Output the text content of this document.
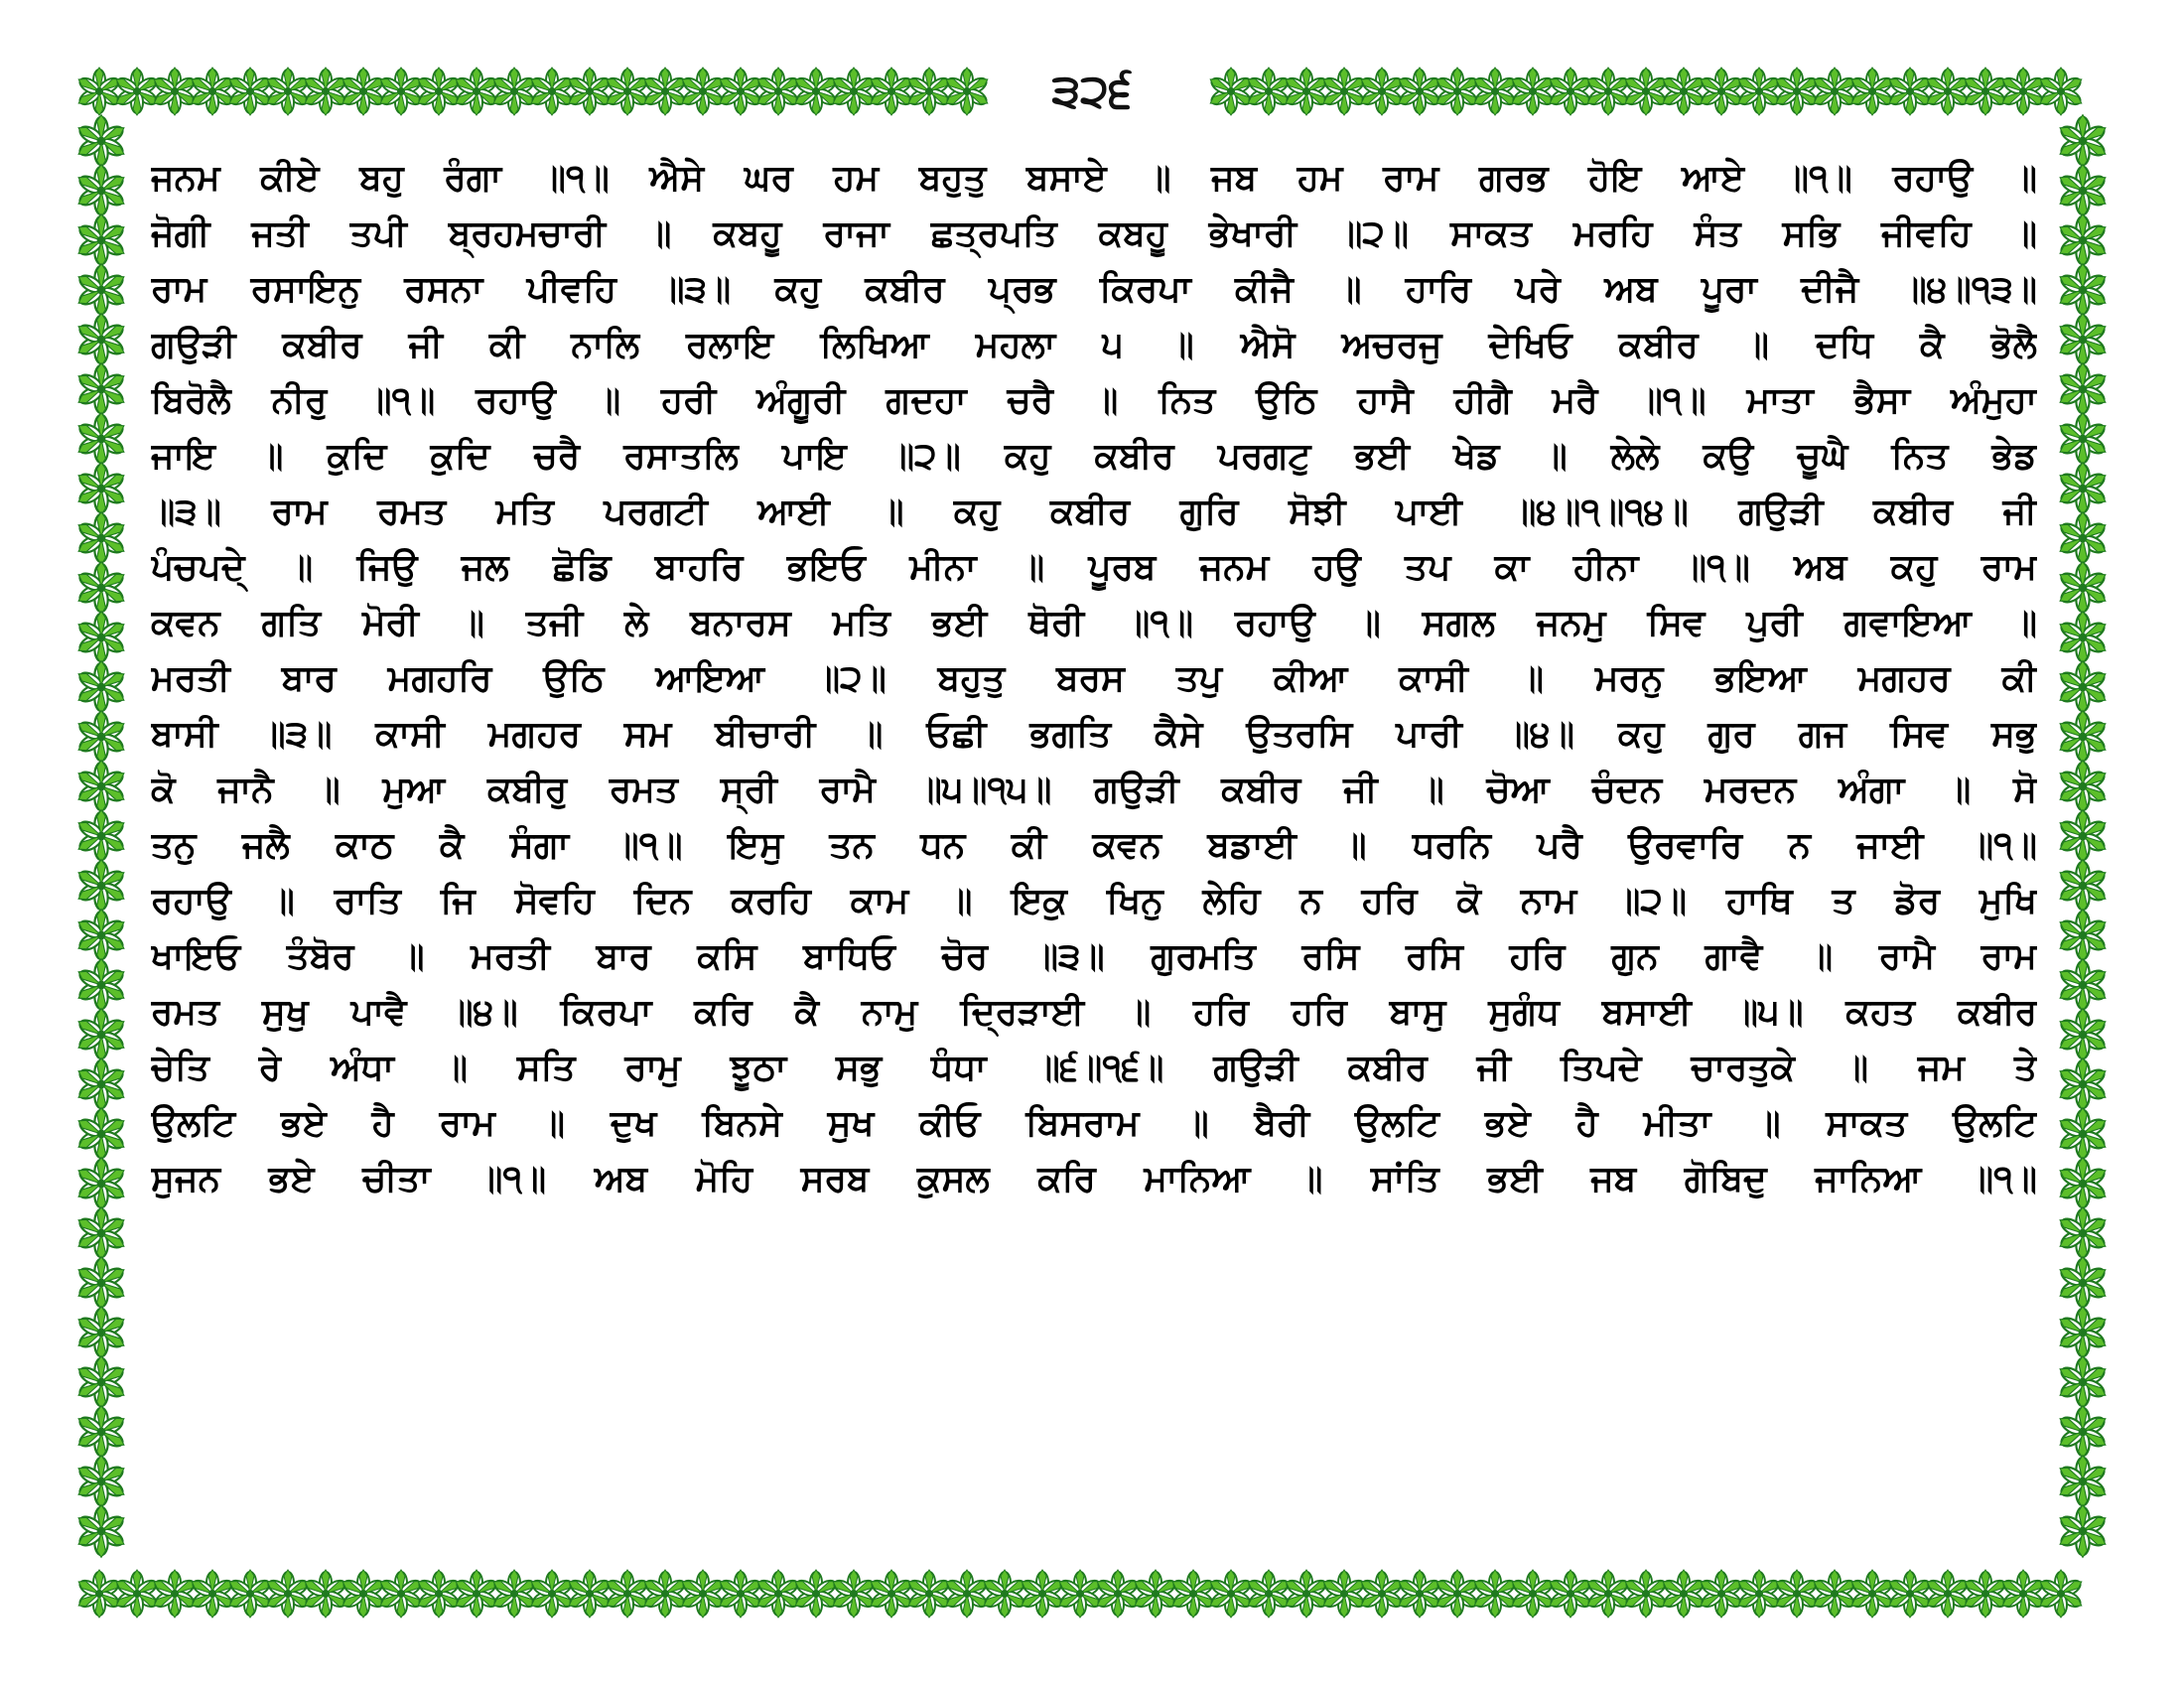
੩੨੬
ਜਨਮ ਕੀਏ ਬਹੁ ਰੰਗਾ ॥੧॥ ਐਸੇ ਘਰ ਹਮ ਬਹੁਤੁ ਬਸਾਏ ॥ ਜਬ ਹਮ ਰਾਮ ਗਰਭ ਹੋਇ ਆਏ ॥੧॥ ਰਹਾਉ ॥
ਜੋਗੀ ਜਤੀ ਤਪੀ ਬ੍ਰਹਮਚਾਰੀ ॥ ਕਬਹੂ ਰਾਜਾ ਛਤ੍ਰਪਤਿ ਕਬਹੂ ਭੇਖਾਰੀ ॥੨॥ ਸਾਕਤ ਮਰਹਿ ਸੰਤ ਸਭਿ ਜੀਵਹਿ ॥
ਰਾਮ ਰਸਾਇਨੁ ਰਸਨਾ ਪੀਵਹਿ ॥੩॥ ਕਹੁ ਕਬੀਰ ਪ੍ਰਭ ਕਿਰਪਾ ਕੀਜੈ ॥ ਹਾਰਿ ਪਰੇ ਅਬ ਪੂਰਾ ਦੀਜੈ ॥੪॥੧੩॥
ਗਉੜੀ ਕਬੀਰ ਜੀ ਕੀ ਨਾਲਿ ਰਲਾਇ ਲਿਖਿਆ ਮਹਲਾ ੫ ॥ ਐਸੋ ਅਚਰਜੁ ਦੇਖਿਓ ਕਬੀਰ ॥ ਦਧਿ ਕੈ ਭੋਲੈ
ਬਿਰੋਲੈ ਨੀਰੁ ॥੧॥ ਰਹਾਉ ॥ ਹਰੀ ਅੰਗੂਰੀ ਗਦਹਾ ਚਰੈ ॥ ਨਿਤ ਉਠਿ ਹਾਸੈ ਹੀਗੈ ਮਰੈ ॥੧॥ ਮਾਤਾ ਭੈਸਾ ਅੰਮੁਹਾ
ਜਾਇ ॥ ਕੁਦਿ ਕੁਦਿ ਚਰੈ ਰਸਾਤਲਿ ਪਾਇ ॥੨॥ ਕਹੁ ਕਬੀਰ ਪਰਗਟੁ ਭਈ ਖੇਡ ॥ ਲੇਲੇ ਕਉ ਚੂਘੈ ਨਿਤ ਭੇਡ
॥੩॥ ਰਾਮ ਰਮਤ ਮਤਿ ਪਰਗਟੀ ਆਈ ॥ ਕਹੁ ਕਬੀਰ ਗੁਰਿ ਸੋਝੀ ਪਾਈ ॥੪॥੧॥੧੪॥ ਗਉੜੀ ਕਬੀਰ ਜੀ
ਪੰਚਪਦੇ੍ ॥ ਜਿਉ ਜਲ ਛੋਡਿ ਬਾਹਰਿ ਭਇਓ ਮੀਨਾ ॥ ਪੂਰਬ ਜਨਮ ਹਉ ਤਪ ਕਾ ਹੀਨਾ ॥੧॥ ਅਬ ਕਹੁ ਰਾਮ
ਕਵਨ ਗਤਿ ਮੋਰੀ ॥ ਤਜੀ ਲੇ ਬਨਾਰਸ ਮਤਿ ਭਈ ਥੋਰੀ ॥੧॥ ਰਹਾਉ ॥ ਸਗਲ ਜਨਮੁ ਸਿਵ ਪੁਰੀ ਗਵਾਇਆ ॥
ਮਰਤੀ ਬਾਰ ਮਗਹਰਿ ਉਠਿ ਆਇਆ ॥੨॥ ਬਹੁਤੁ ਬਰਸ ਤਪੁ ਕੀਆ ਕਾਸੀ ॥ ਮਰਨੁ ਭਇਆ ਮਗਹਰ ਕੀ
ਬਾਸੀ ॥੩॥ ਕਾਸੀ ਮਗਹਰ ਸਮ ਬੀਚਾਰੀ ॥ ਓਛੀ ਭਗਤਿ ਕੈਸੇ ਉਤਰਸਿ ਪਾਰੀ ॥੪॥ ਕਹੁ ਗੁਰ ਗਜ ਸਿਵ ਸਭੁ
ਕੋ ਜਾਨੈ ॥ ਮੁਆ ਕਬੀਰੁ ਰਮਤ ਸ੍ਰੀ ਰਾਮੈ ॥੫॥੧੫॥ ਗਉੜੀ ਕਬੀਰ ਜੀ ॥ ਚੋਆ ਚੰਦਨ ਮਰਦਨ ਅੰਗਾ ॥ ਸੋ
ਤਨੁ ਜਲੈ ਕਾਠ ਕੈ ਸੰਗਾ ॥੧॥ ਇਸੁ ਤਨ ਧਨ ਕੀ ਕਵਨ ਬਡਾਈ ॥ ਧਰਨਿ ਪਰੈ ਉਰਵਾਰਿ ਨ ਜਾਈ ॥੧॥
ਰਹਾਉ ॥ ਰਾਤਿ ਜਿ ਸੋਵਹਿ ਦਿਨ ਕਰਹਿ ਕਾਮ ॥ ਇਕੁ ਖਿਨੁ ਲੇਹਿ ਨ ਹਰਿ ਕੋ ਨਾਮ ॥੨॥ ਹਾਥਿ ਤ ਡੋਰ ਮੁਖਿ
ਖਾਇਓ ਤੰਬੋਰ ॥ ਮਰਤੀ ਬਾਰ ਕਸਿ ਬਾਧਿਓ ਚੋਰ ॥੩॥ ਗੁਰਮਤਿ ਰਸਿ ਰਸਿ ਹਰਿ ਗੁਨ ਗਾਵੈ ॥ ਰਾਮੈ ਰਾਮ
ਰਮਤ ਸੁਖੁ ਪਾਵੈ ॥੪॥ ਕਿਰਪਾ ਕਰਿ ਕੈ ਨਾਮੁ ਦ੍ਰਿੜਾਈ ॥ ਹਰਿ ਹਰਿ ਬਾਸੁ ਸੁਗੰਧ ਬਸਾਈ ॥੫॥ ਕਹਤ ਕਬੀਰ
ਚੇਤਿ ਰੇ ਅੰਧਾ ॥ ਸਤਿ ਰਾਮੁ ਝੂਠਾ ਸਭੁ ਧੰਧਾ ॥੬॥੧੬॥ ਗਉੜੀ ਕਬੀਰ ਜੀ ਤਿਪਦੇ ਚਾਰਤੁਕੇ ॥ ਜਮ ਤੇ
ਉਲਟਿ ਭਏ ਹੈ ਰਾਮ ॥ ਦੁਖ ਬਿਨਸੇ ਸੁਖ ਕੀਓ ਬਿਸਰਾਮ ॥ ਬੈਰੀ ਉਲਟਿ ਭਏ ਹੈ ਮੀਤਾ ॥ ਸਾਕਤ ਉਲਟਿ
ਸੁਜਨ ਭਏ ਚੀਤਾ ॥੧॥ ਅਬ ਮੋਹਿ ਸਰਬ ਕੁਸਲ ਕਰਿ ਮਾਨਿਆ ॥ ਸਾਂਤਿ ਭਈ ਜਬ ਗੋਬਿਦੁ ਜਾਨਿਆ ॥੧॥
